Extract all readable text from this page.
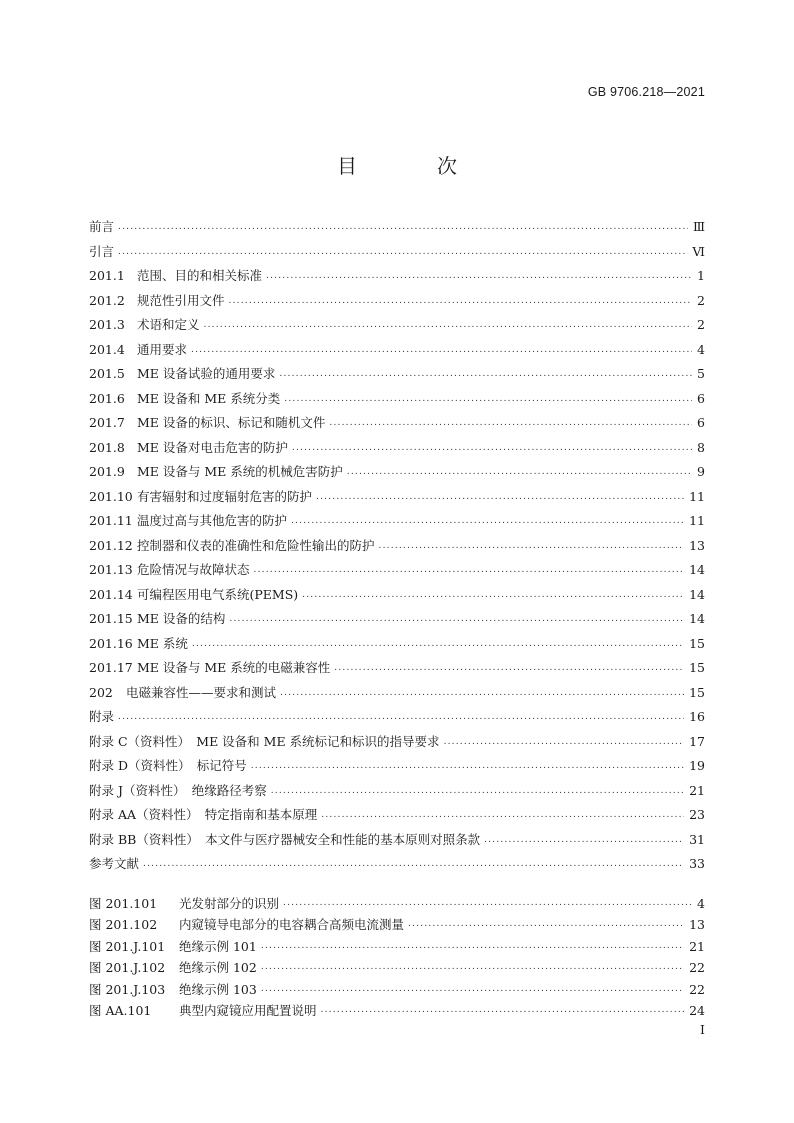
GB 9706.218—2021
目　次
前言 .....	Ⅲ
引言 .....	Ⅵ
201.1 范围、目的和相关标准 .....	1
201.2 规范性引用文件 .....	2
201.3 术语和定义 .....	2
201.4 通用要求 .....	4
201.5 ME 设备试验的通用要求 .....	5
201.6 ME 设备和 ME 系统分类 .....	6
201.7 ME 设备的标识、标记和随机文件 .....	6
201.8 ME 设备对电击危害的防护 .....	8
201.9 ME 设备与 ME 系统的机械危害防护 .....	9
201.10 有害辐射和过度辐射危害的防护 .....	11
201.11 温度过高与其他危害的防护 .....	11
201.12 控制器和仪表的准确性和危险性输出的防护 .....	13
201.13 危险情况与故障状态 .....	14
201.14 可编程医用电气系统(PEMS) .....	14
201.15 ME 设备的结构 .....	14
201.16 ME 系统 .....	15
201.17 ME 设备与 ME 系统的电磁兼容性 .....	15
202 电磁兼容性——要求和测试 .....	15
附录 .....	16
附录 C（资料性）　ME 设备和 ME 系统标记和标识的指导要求 .....	17
附录 D（资料性）　标记符号 .....	19
附录 J（资料性）　绝缘路径考察 .....	21
附录 AA（资料性）　特定指南和基本原理 .....	23
附录 BB（资料性）　本文件与医疗器械安全和性能的基本原则对照条款 .....	31
参考文献 .....	33
图 201.101 光发射部分的识别 .....	4
图 201.102 内窥镜导电部分的电容耦合高频电流测量 .....	13
图 201.J.101 绝缘示例 101 .....	21
图 201.J.102 绝缘示例 102 .....	22
图 201.J.103 绝缘示例 103 .....	22
图 AA.101 典型内窥镜应用配置说明 .....	24
I
